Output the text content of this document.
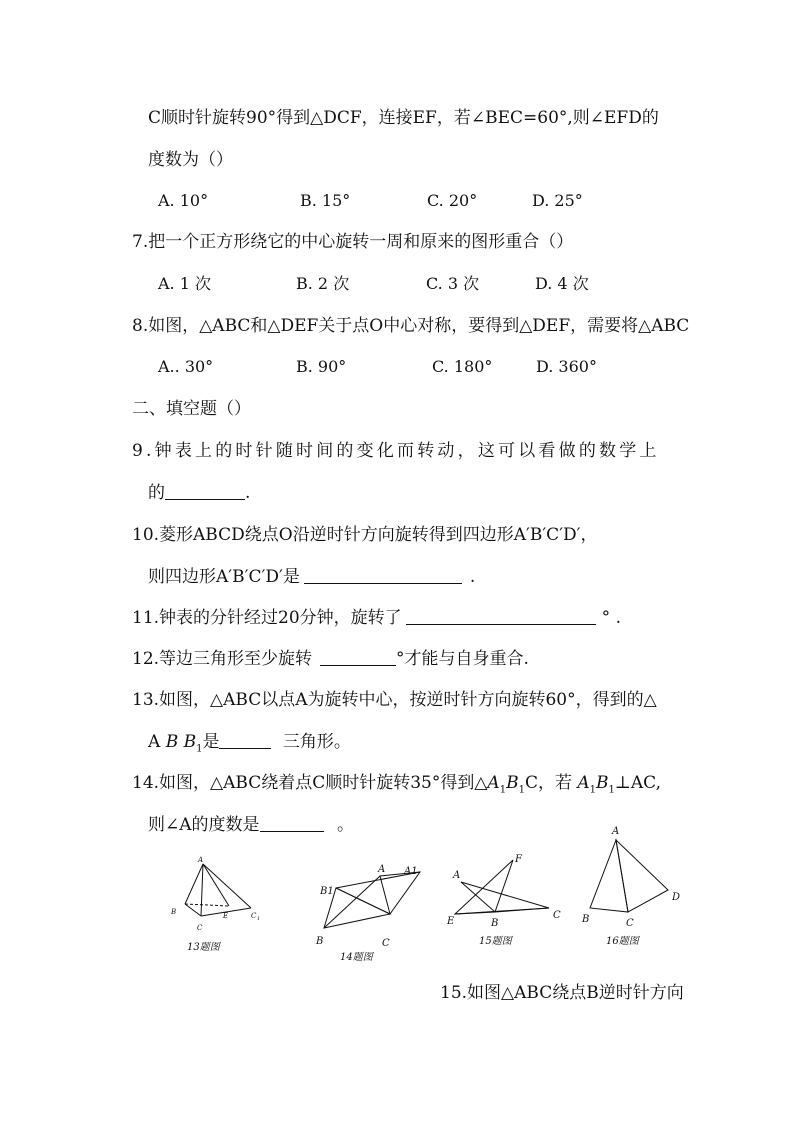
C顺时针旋转90°得到△DCF，连接EF，若∠BEC=60°,则∠EFD的
度数为（）
A. 10°	B. 15°	C. 20°	D. 25°
7.把一个正方形绕它的中心旋转一周和原来的图形重合（）
A. 1 次	B. 2 次	C. 3 次	D. 4 次
8.如图，△ABC和△DEF关于点O中心对称，要得到△DEF，需要将△ABC
A.. 30°	B. 90°	C. 180°	D. 360°
二、填空题（）
9.钟表上的时针随时间的变化而转动，这可以看做的数学上
的	.
10.菱形ABCD绕点O沿逆时针方向旋转得到四边形A′B′C′D′，
则四边形A′B′C′D′是	.
11.钟表的分针经过20分钟，旋转了	° .
12.等边三角形至少旋转	°才能与自身重合.
13.如图，△ABC以点A为旋转中心，按逆时针方向旋转60°，得到的△
A B $B_1$是	三角形。
14.如图，△ABC绕着点C顺时针旋转35°得到$\triangle A_1B_1C$，若 $A_1B_1\perp AC$,
则∠A的度数是	。
A
B	E
C
C 1
13题图
B1
A A1
B	C
14题图
F
A
E	B
C
15题图
A
D
B	C
16题图
15.如图△ABC绕点B逆时针方向
